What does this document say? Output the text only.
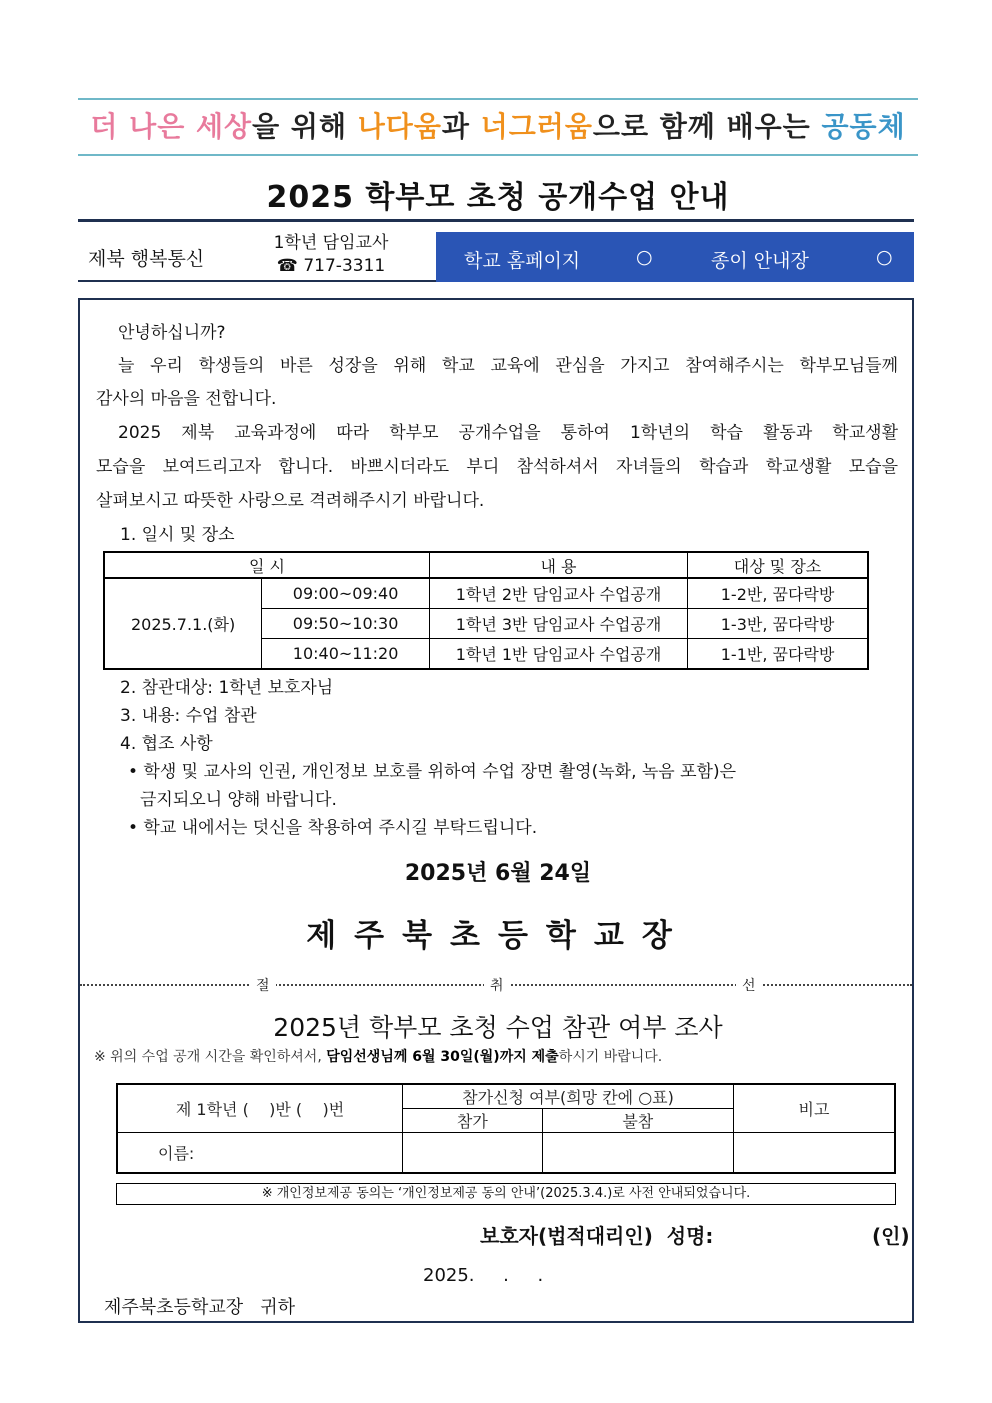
더 나은 세상을 위해 나다움과 너그러움으로 함께 배우는 공동체
2025 학부모 초청 공개수업 안내
제북 행복통신
1학년 담임교사
☎ 717-3311	학교 홈페이지	○	종이 안내장	○
안녕하십니까?
늘 우리 학생들의 바른 성장을 위해 학교 교육에 관심을 가지고 참여해주시는 학부모님들께
감사의 마음을 전합니다.
2025 제북 교육과정에 따라 학부모 공개수업을 통하여 1학년의 학습 활동과 학교생활
모습을 보여드리고자 합니다. 바쁘시더라도 부디 참석하셔서 자녀들의 학습과 학교생활 모습을
살펴보시고 따뜻한 사랑으로 격려해주시기 바랍니다.
1. 일시 및 장소
일 시		내 용	대상 및 장소
2025.7.1.(화)	09:00~09:40	1학년 2반 담임교사 수업공개	1-2반, 꿈다락방
	09:50~10:30	1학년 3반 담임교사 수업공개	1-3반, 꿈다락방
	10:40~11:20	1학년 1반 담임교사 수업공개	1-1반, 꿈다락방
2. 참관대상: 1학년 보호자님
3. 내용: 수업 참관
4. 협조 사항
• 학생 및 교사의 인권, 개인정보 보호를 위하여 수업 장면 촬영(녹화, 녹음 포함)은
금지되오니 양해 바랍니다.
• 학교 내에서는 덧신을 착용하여 주시길 부탁드립니다.
2025년 6월 24일
제주북초등학교장
절	취	선
2025년 학부모 초청 수업 참관 여부 조사
※ 위의 수업 공개 시간을 확인하셔서, 담임선생님께 6월 30일(월)까지 제출하시기 바랍니다.
제 1학년 (    )반 (    )번	참가신청 여부(희망 칸에 ○표)		비고
	참가	불참	
이름:			
※ 개인정보제공 동의는 ‘개인정보제공 동의 안내’(2025.3.4.)로 사전 안내되었습니다.
보호자(법적대리인)  성명:	(인)
2025.     .     .
제주북초등학교장   귀하
